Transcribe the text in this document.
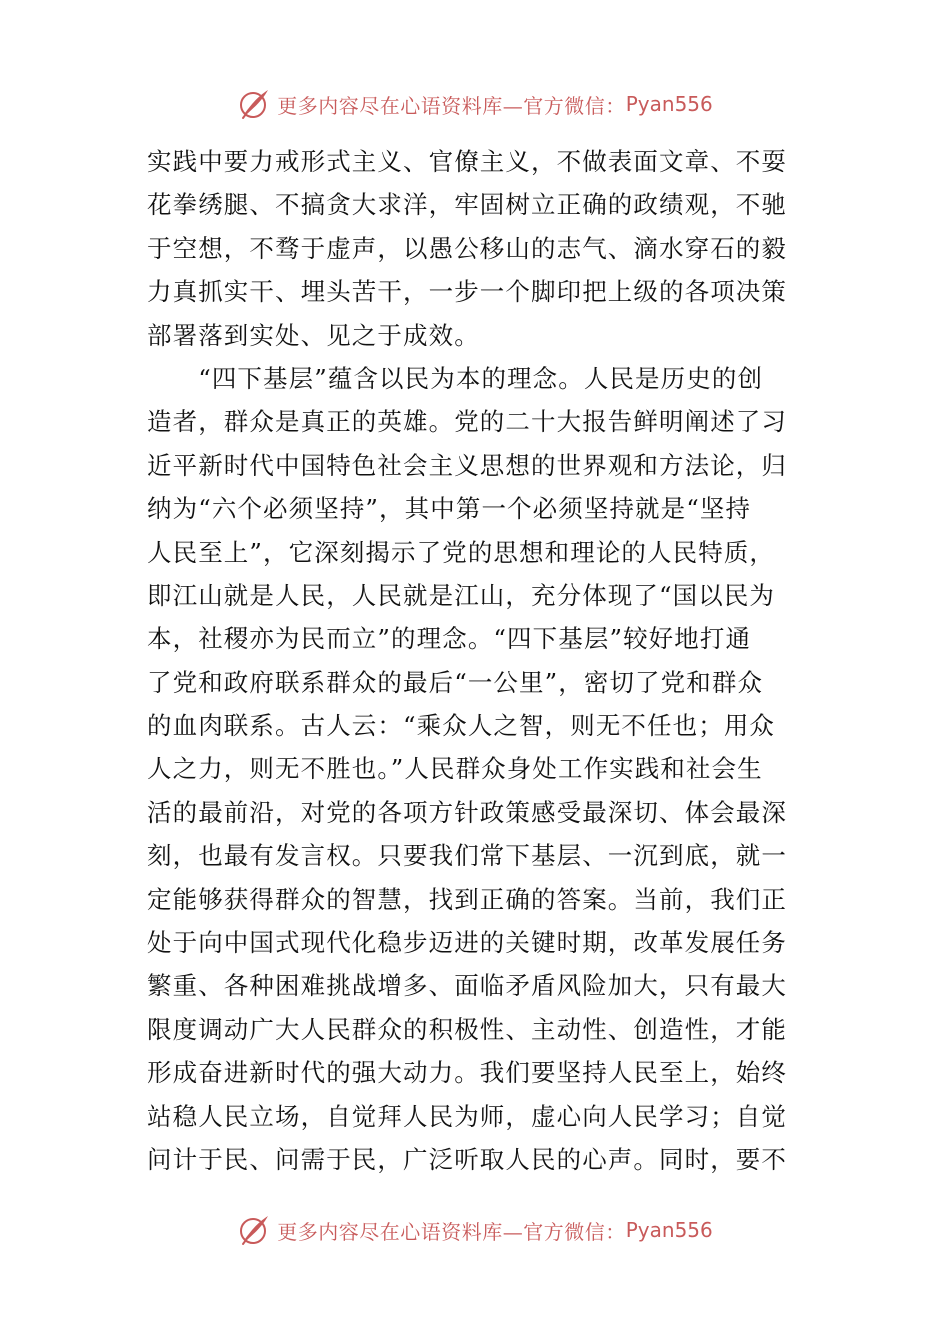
更多内容尽在心语资料库—官方微信： Pyan556
实践中要力戒形式主义、官僚主义，不做表面文章、不耍
花拳绣腿、不搞贪大求洋，牢固树立正确的政绩观，不驰
于空想，不骛于虚声，以愚公移山的志气、滴水穿石的毅
力真抓实干、埋头苦干，一步一个脚印把上级的各项决策
部署落到实处、见之于成效。
　　“四下基层”蕴含以民为本的理念。人民是历史的创
造者，群众是真正的英雄。党的二十大报告鲜明阐述了习
近平新时代中国特色社会主义思想的世界观和方法论，归
纳为“六个必须坚持”，其中第一个必须坚持就是“坚持
人民至上”，它深刻揭示了党的思想和理论的人民特质，
即江山就是人民，人民就是江山，充分体现了“国以民为
本，社稷亦为民而立”的理念。“四下基层”较好地打通
了党和政府联系群众的最后“一公里”，密切了党和群众
的血肉联系。古人云：“乘众人之智，则无不任也；用众
人之力，则无不胜也。”人民群众身处工作实践和社会生
活的最前沿，对党的各项方针政策感受最深切、体会最深
刻，也最有发言权。只要我们常下基层、一沉到底，就一
定能够获得群众的智慧，找到正确的答案。当前，我们正
处于向中国式现代化稳步迈进的关键时期，改革发展任务
繁重、各种困难挑战增多、面临矛盾风险加大，只有最大
限度调动广大人民群众的积极性、主动性、创造性，才能
形成奋进新时代的强大动力。我们要坚持人民至上，始终
站稳人民立场，自觉拜人民为师，虚心向人民学习；自觉
问计于民、问需于民，广泛听取人民的心声。同时，要不
更多内容尽在心语资料库—官方微信： Pyan556
